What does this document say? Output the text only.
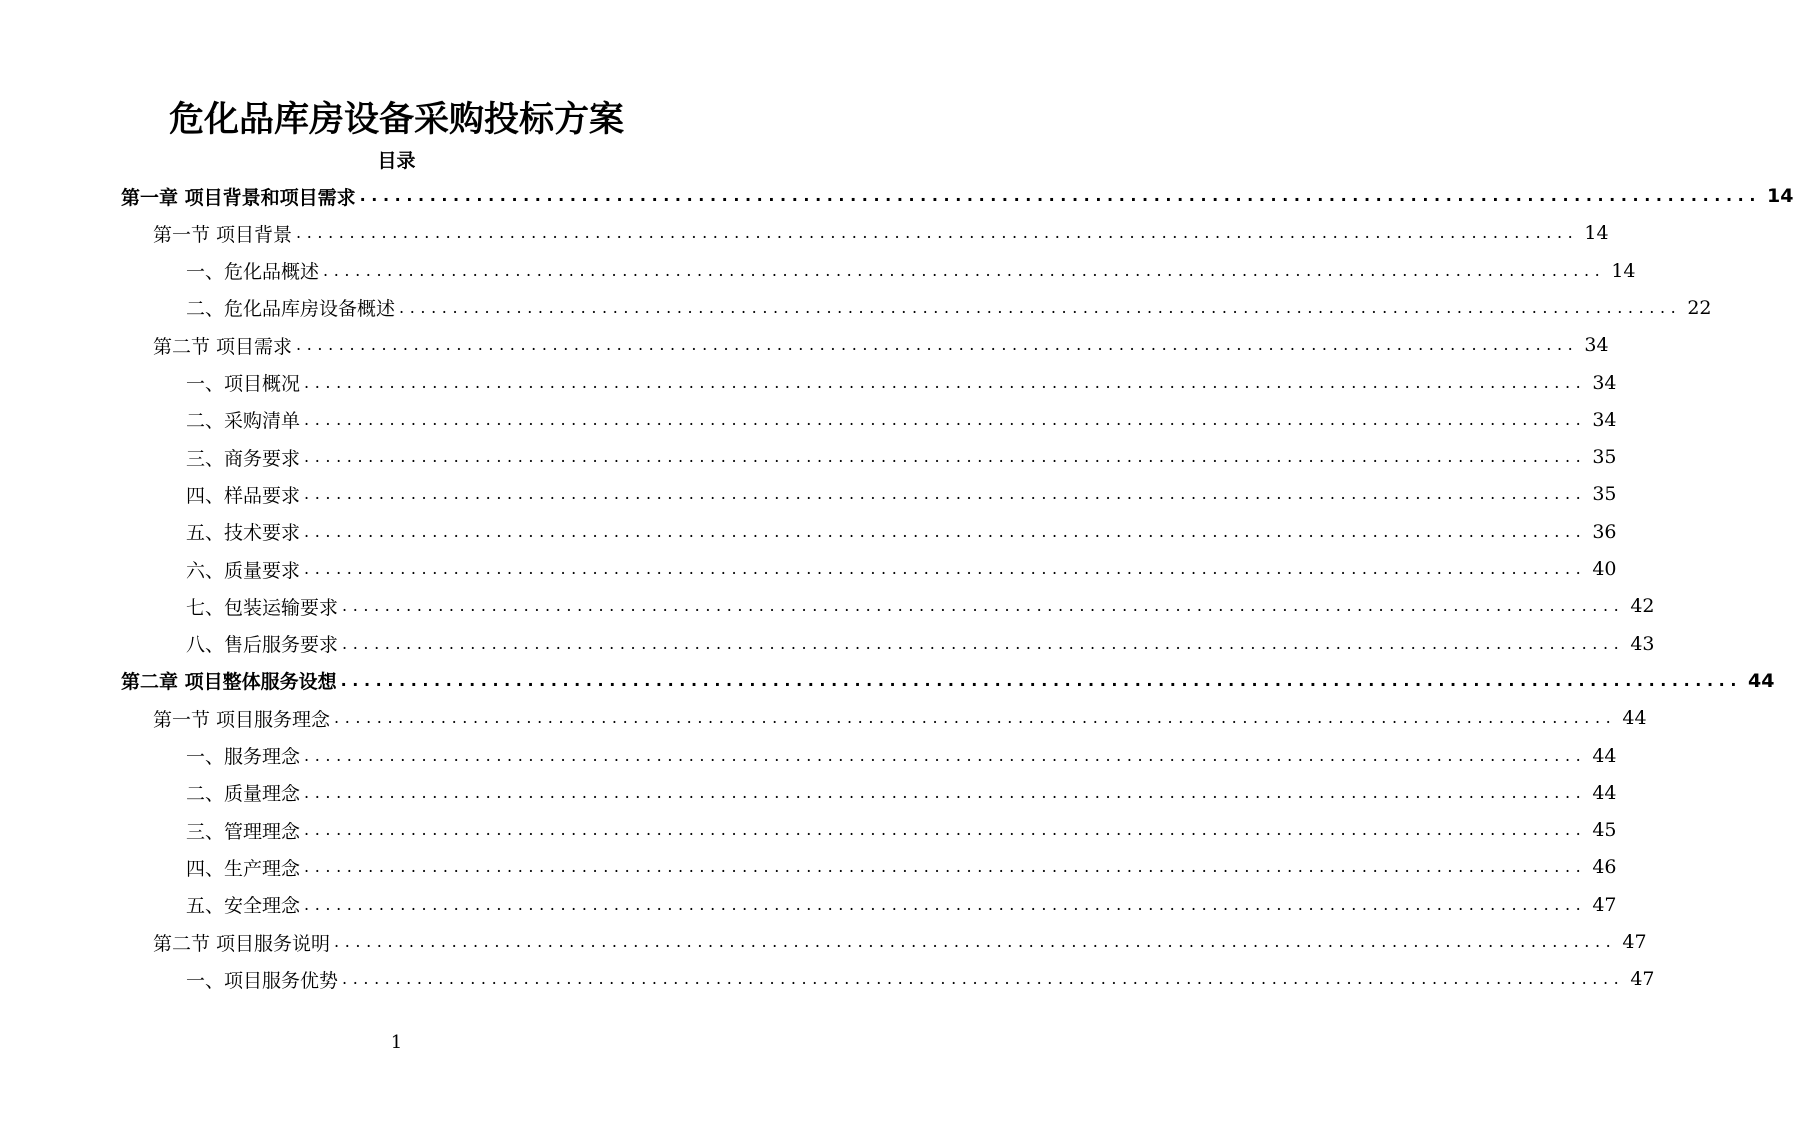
危化品库房设备采购投标方案
目录
第一章 项目背景和项目需求 ........................................................................................................................ 14
第一节 项目背景 ........................................................................................................................ 14
一、危化品概述 ........................................................................................................................ 14
二、危化品库房设备概述 ........................................................................................................................ 22
第二节 项目需求 ........................................................................................................................ 34
一、项目概况 ........................................................................................................................ 34
二、采购清单 ........................................................................................................................ 34
三、商务要求 ........................................................................................................................ 35
四、样品要求 ........................................................................................................................ 35
五、技术要求 ........................................................................................................................ 36
六、质量要求 ........................................................................................................................ 40
七、包装运输要求 ........................................................................................................................ 42
八、售后服务要求 ........................................................................................................................ 43
第二章 项目整体服务设想 ........................................................................................................................ 44
第一节 项目服务理念 ........................................................................................................................ 44
一、服务理念 ........................................................................................................................ 44
二、质量理念 ........................................................................................................................ 44
三、管理理念 ........................................................................................................................ 45
四、生产理念 ........................................................................................................................ 46
五、安全理念 ........................................................................................................................ 47
第二节 项目服务说明 ........................................................................................................................ 47
一、项目服务优势 ........................................................................................................................ 47
1
